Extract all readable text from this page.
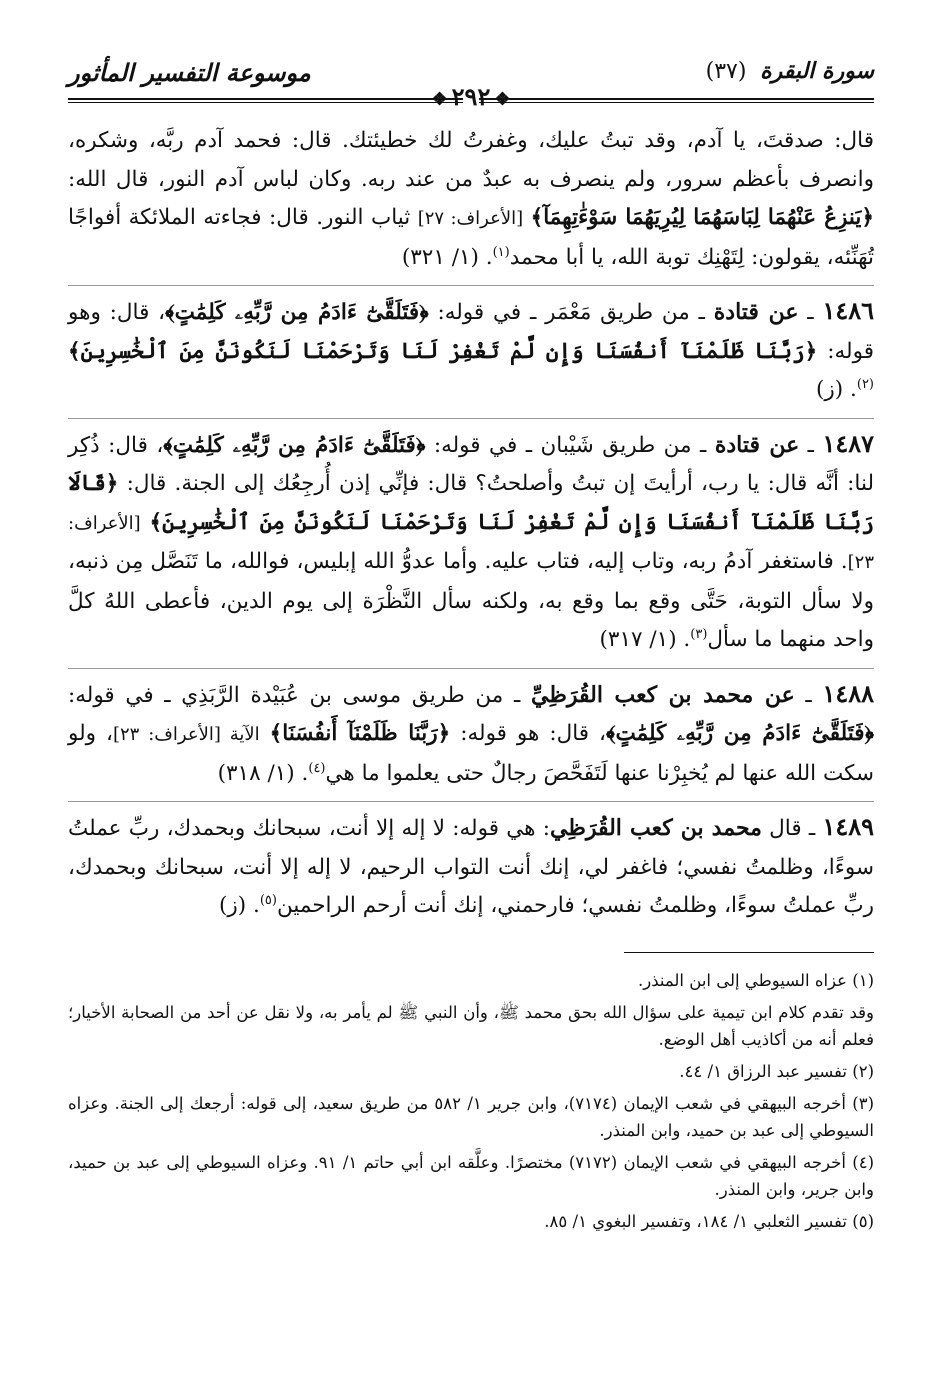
سورة البقرة (٣٧)
موسوعة التفسير المأثور
❖٢٩٢❖

قال: صدقتَ، يا آدم، وقد تبتُ عليك، وغفرتُ لك خطيئتك. قال: فحمد آدم ربَّه، وشكره، وانصرف بأعظم سرور، ولم ينصرف به عبدٌ من عند ربه. وكان لباس آدم النور، قال الله: ﴿يَنزِعُ عَنْهُمَا لِبَاسَهُمَا لِيُرِيَهُمَا سَوْءَٰتِهِمَآ﴾ [الأعراف: ٢٧] ثياب النور. قال: فجاءته الملائكة أفواجًا تُهَنِّئه، يقولون: لِتَهْنِك توبة الله، يا أبا محمد$^{(١)}$. (١/ ٣٢١)

١٤٨٦ ـ عن قتادة ـ من طريق مَعْمَر ـ في قوله: ﴿فَتَلَقَّىٰٓ ءَادَمُ مِن رَّبِّهِۦ كَلِمَٰتٍ﴾، قال: وهو قوله: ﴿رَبَّنَا ظَلَمْنَآ أَنفُسَنَا وَإِن لَّمْ تَغْفِرْ لَنَا وَتَرْحَمْنَا لَنَكُونَنَّ مِنَ ٱلْخَٰسِرِينَ﴾$^{(٢)}$. (ز)

١٤٨٧ ـ عن قتادة ـ من طريق شَيْبان ـ في قوله: ﴿فَتَلَقَّىٰٓ ءَادَمُ مِن رَّبِّهِۦ كَلِمَٰتٍ﴾، قال: ذُكِر لنا: أنَّه قال: يا رب، أرأيتَ إن تبتُ وأصلحتُ؟ قال: فإنِّي إذن أُرجِعُك إلى الجنة. قال: ﴿قَالَا رَبَّنَا ظَلَمْنَآ أَنفُسَنَا وَإِن لَّمْ تَغْفِرْ لَنَا وَتَرْحَمْنَا لَنَكُونَنَّ مِنَ ٱلْخَٰسِرِينَ﴾ [الأعراف: ٢٣]. فاستغفر آدمُ ربه، وتاب إليه، فتاب عليه. وأما عدوُّ الله إبليس، فوالله، ما تَنَصَّل مِن ذنبه، ولا سأل التوبة، حَتَّى وقع بما وقع به، ولكنه سأل النَّظْرَة إلى يوم الدين، فأعطى اللهُ كلَّ واحد منهما ما سأل$^{(٣)}$. (١/ ٣١٧)

١٤٨٨ ـ عن محمد بن كعب القُرَظِيِّ ـ من طريق موسى بن عُبَيْدة الرَّبَذِي ـ في قوله: ﴿فَتَلَقَّىٰٓ ءَادَمُ مِن رَّبِّهِۦ كَلِمَٰتٍ﴾، قال: هو قوله: ﴿رَبَّنَا ظَلَمْنَآ أَنفُسَنَا﴾ الآية [الأعراف: ٢٣]، ولو سكت الله عنها لم يُخبِرْنا عنها لَتَفَحَّصَ رجالٌ حتى يعلموا ما هي$^{(٤)}$. (١/ ٣١٨)

١٤٨٩ ـ قال محمد بن كعب القُرَظِي: هي قوله: لا إله إلا أنت، سبحانك وبحمدك، ربِّ عملتُ سوءًا، وظلمتُ نفسي؛ فاغفر لي، إنك أنت التواب الرحيم، لا إله إلا أنت، سبحانك وبحمدك، ربِّ عملتُ سوءًا، وظلمتُ نفسي؛ فارحمني، إنك أنت أرحم الراحمين$^{(٥)}$. (ز)

(١) عزاه السيوطي إلى ابن المنذر.

وقد تقدم كلام ابن تيمية على سؤال الله بحق محمد ﷺ، وأن النبي ﷺ لم يأمر به، ولا نقل عن أحد من الصحابة الأخيار؛ فعلم أنه من أكاذيب أهل الوضع.

(٢) تفسير عبد الرزاق ١/ ٤٤.

(٣) أخرجه البيهقي في شعب الإيمان (٧١٧٤)، وابن جرير ١/ ٥٨٢ من طريق سعيد، إلى قوله: أرجعك إلى الجنة. وعزاه السيوطي إلى عبد بن حميد، وابن المنذر.

(٤) أخرجه البيهقي في شعب الإيمان (٧١٧٢) مختصرًا. وعلَّقه ابن أبي حاتم ١/ ٩١. وعزاه السيوطي إلى عبد بن حميد، وابن جرير، وابن المنذر.

(٥) تفسير الثعلبي ١/ ١٨٤، وتفسير البغوي ١/ ٨٥.
